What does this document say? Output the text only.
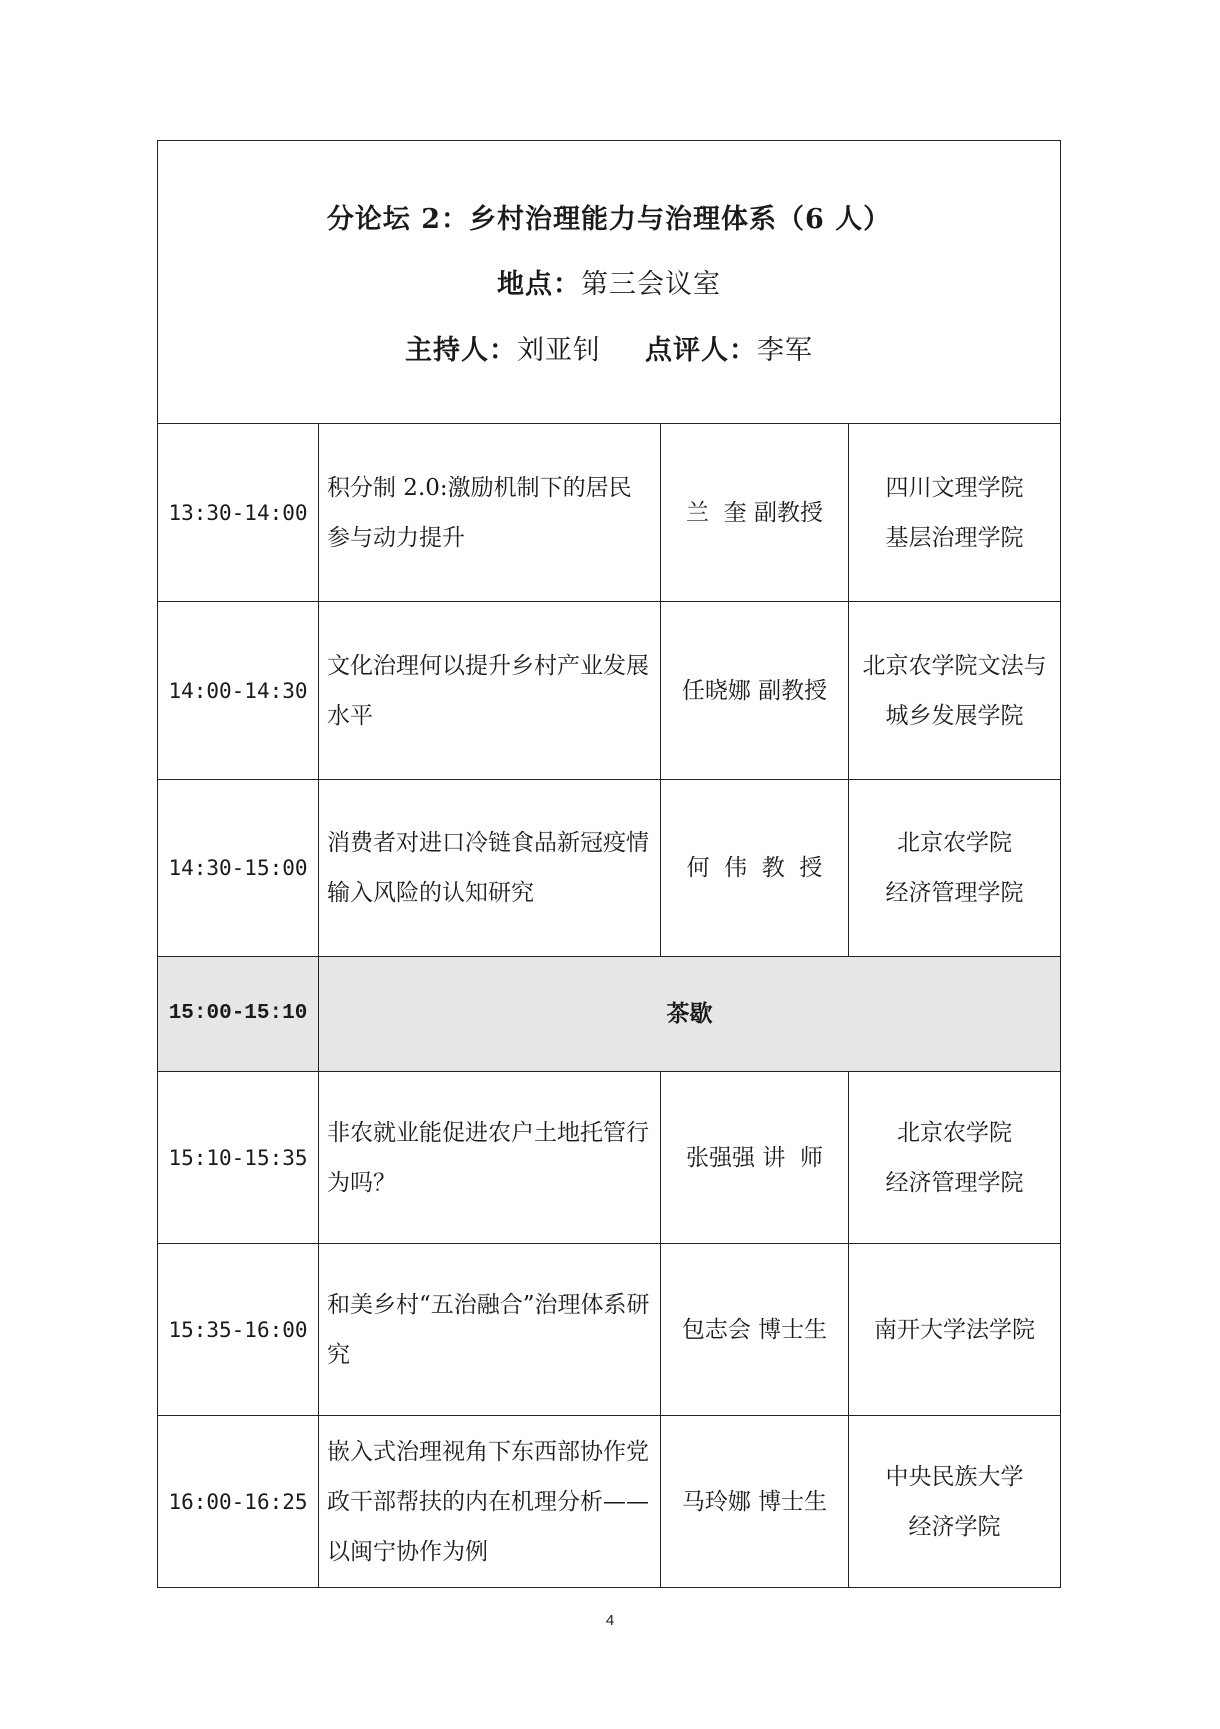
分论坛 2：乡村治理能力与治理体系（6 人）
地点：第三会议室
主持人：刘亚钊 点评人：李军
13:30-14:00
积分制 2.0:激励机制下的居民参与动力提升
兰  奎 副教授
四川文理学院
基层治理学院
14:00-14:30
文化治理何以提升乡村产业发展水平
任晓娜 副教授
北京农学院文法与
城乡发展学院
14:30-15:00
消费者对进口冷链食品新冠疫情输入风险的认知研究
何  伟  教  授
北京农学院
经济管理学院
15:00-15:10	茶歇
15:10-15:35
非农就业能促进农户土地托管行为吗？
张强强 讲  师
北京农学院
经济管理学院
15:35-16:00
和美乡村“五治融合”治理体系研究
包志会 博士生	南开大学法学院
16:00-16:25
嵌入式治理视角下东西部协作党政干部帮扶的内在机理分析——以闽宁协作为例
马玲娜 博士生
中央民族大学
经济学院
4
